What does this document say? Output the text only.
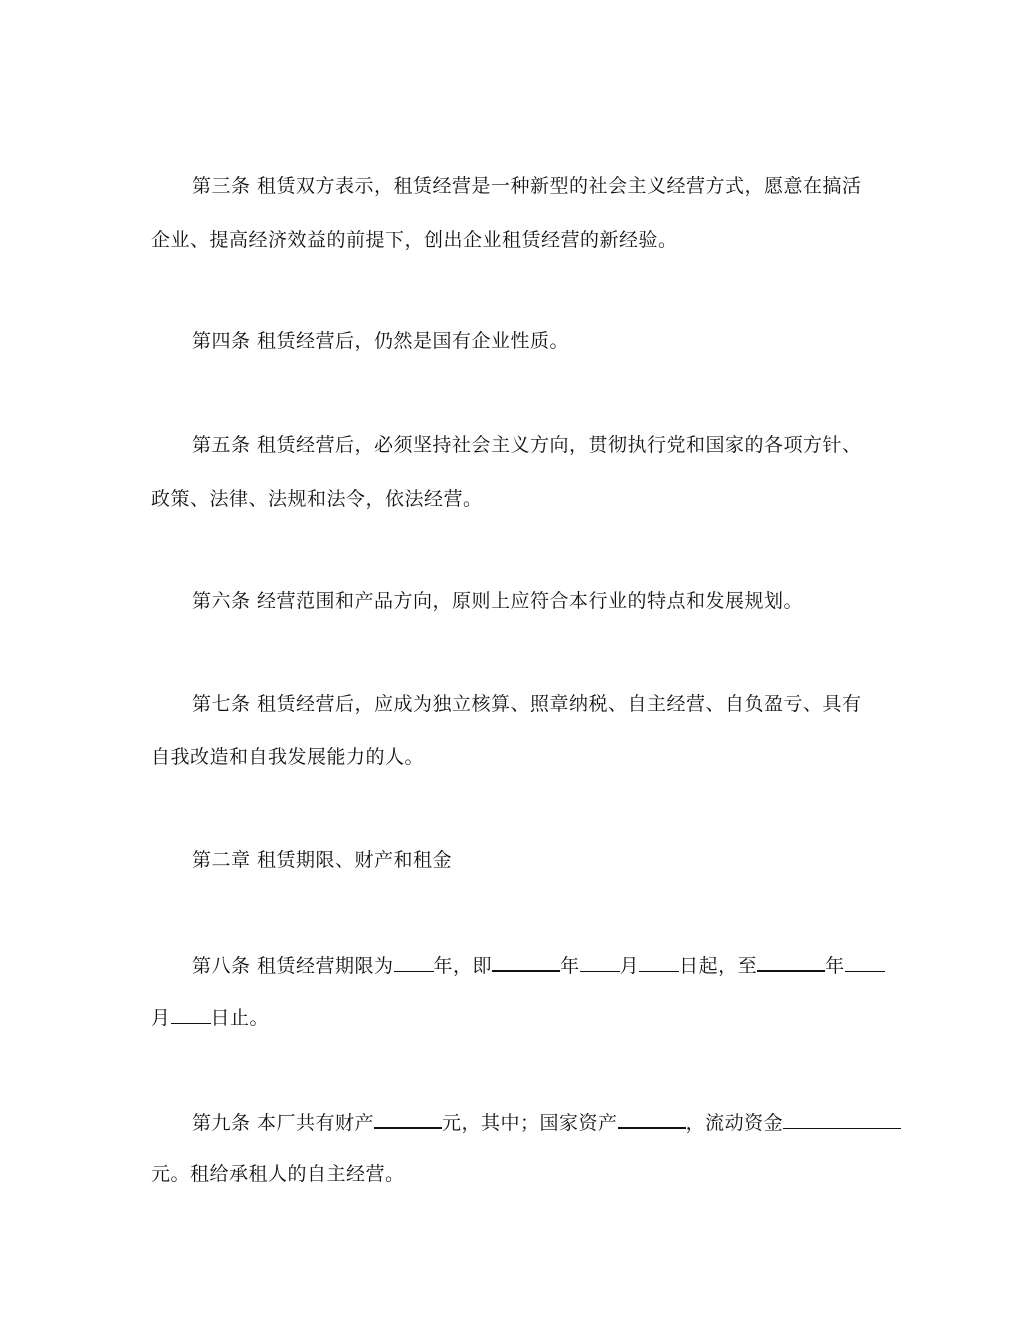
第三条 租赁双方表示，租赁经营是一种新型的社会主义经营方式，愿意在搞活
企业、提高经济效益的前提下，创出企业租赁经营的新经验。
第四条 租赁经营后，仍然是国有企业性质。
第五条 租赁经营后，必须坚持社会主义方向，贯彻执行党和国家的各项方针、
政策、法律、法规和法令，依法经营。
第六条 经营范围和产品方向，原则上应符合本行业的特点和发展规划。
第七条 租赁经营后，应成为独立核算、照章纳税、自主经营、自负盈亏、具有
自我改造和自我发展能力的人。
第二章 租赁期限、财产和租金
第八条 租赁经营期限为 年，即	年 月 日起，至	年
月 日止。
第九条 本厂共有财产	元，其中；国家资产	，流动资金
元。租给承租人的自主经营。
